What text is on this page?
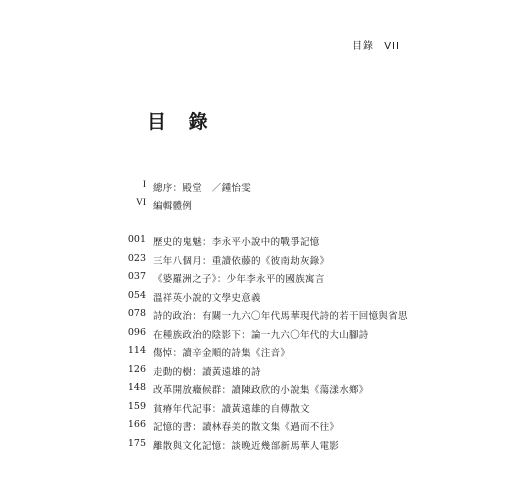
目錄 VII
目 錄
I 總序：殿堂　／鍾怡雯
VI 編輯體例
001 歷史的鬼魅：李永平小說中的戰爭記憶
023 三年八個月：重讀依藤的《彼南劫灰錄》
037 《婆羅洲之子》：少年李永平的國族寓言
054 溫祥英小說的文學史意義
078 詩的政治：有關一九六〇年代馬華現代詩的若干回憶與省思
096 在種族政治的陰影下：論一九六〇年代的大山腳詩
114 傷悼：讀辛金順的詩集《注音》
126 走動的樹：讀黃遠雄的詩
148 改革開放癥候群：讀陳政欣的小說集《蕩漾水鄉》
159 貧瘠年代記事：讀黃遠雄的自傳散文
166 記憶的書：讀林春美的散文集《過而不往》
175 離散與文化記憶：談晚近幾部新馬華人電影
